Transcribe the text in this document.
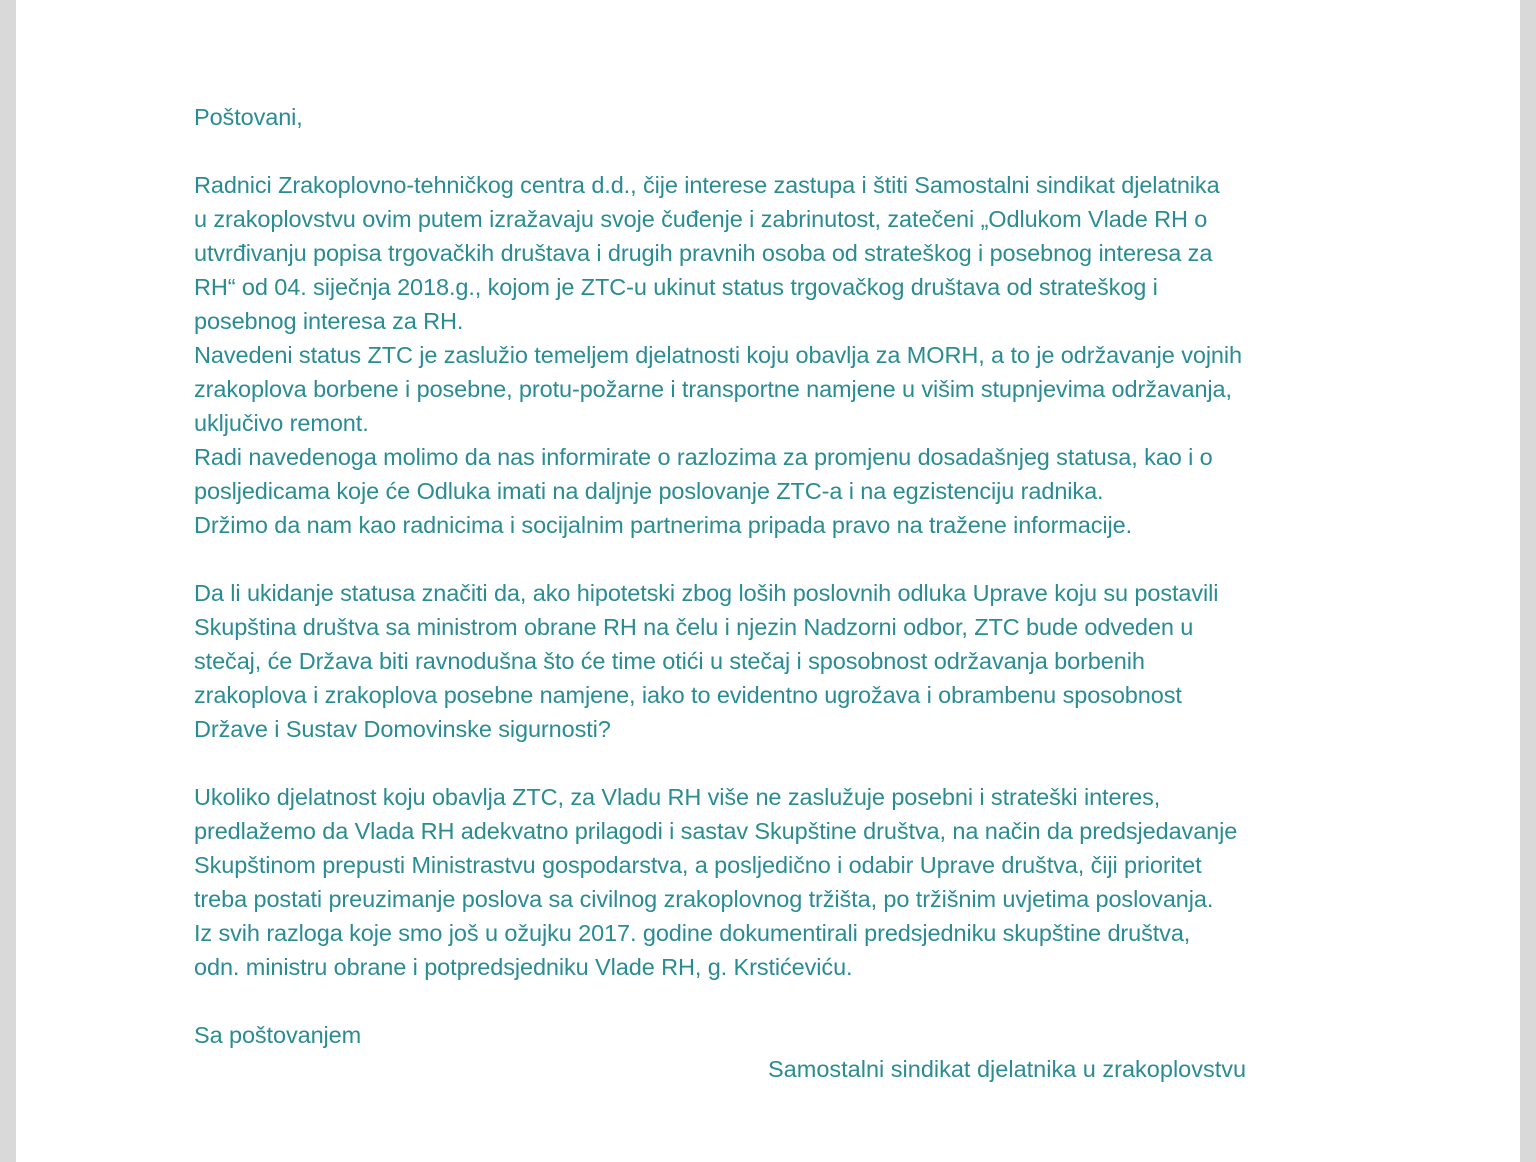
Poštovani,
Radnici Zrakoplovno-tehničkog centra d.d., čije interese zastupa i štiti Samostalni sindikat djelatnika
u zrakoplovstvu ovim putem izražavaju svoje čuđenje i zabrinutost, zatečeni „Odlukom Vlade RH o
utvrđivanju popisa trgovačkih društava i drugih pravnih osoba od strateškog i posebnog interesa za
RH“ od 04. siječnja 2018.g., kojom je ZTC-u ukinut status trgovačkog društava od strateškog i
posebnog interesa za RH.
Navedeni status ZTC je zaslužio temeljem djelatnosti koju obavlja za MORH, a to je održavanje vojnih
zrakoplova borbene i posebne, protu-požarne i transportne namjene u višim stupnjevima održavanja,
uključivo remont.
Radi navedenoga molimo da nas informirate o razlozima za promjenu dosadašnjeg statusa, kao i o
posljedicama koje će Odluka imati na daljnje poslovanje ZTC-a i na egzistenciju radnika.
Držimo da nam kao radnicima i socijalnim partnerima pripada pravo na tražene informacije.
Da li ukidanje statusa značiti da, ako hipotetski zbog loših poslovnih odluka Uprave koju su postavili
Skupština društva sa ministrom obrane RH na čelu i njezin Nadzorni odbor, ZTC bude odveden u
stečaj, će Država biti ravnodušna što će time otići u stečaj i sposobnost održavanja borbenih
zrakoplova i zrakoplova posebne namjene, iako to evidentno ugrožava i obrambenu sposobnost
Države i Sustav Domovinske sigurnosti?
Ukoliko djelatnost koju obavlja ZTC, za Vladu RH više ne zaslužuje posebni i strateški interes,
predlažemo da Vlada RH adekvatno prilagodi i sastav Skupštine društva, na način da predsjedavanje
Skupštinom prepusti Ministrastvu gospodarstva, a posljedično i odabir Uprave društva, čiji prioritet
treba postati preuzimanje poslova sa civilnog zrakoplovnog tržišta, po tržišnim uvjetima poslovanja.
Iz svih razloga koje smo još u ožujku 2017. godine dokumentirali predsjedniku skupštine društva,
odn. ministru obrane i potpredsjedniku Vlade RH, g. Krstićeviću.
Sa poštovanjem
Samostalni sindikat djelatnika u zrakoplovstvu
